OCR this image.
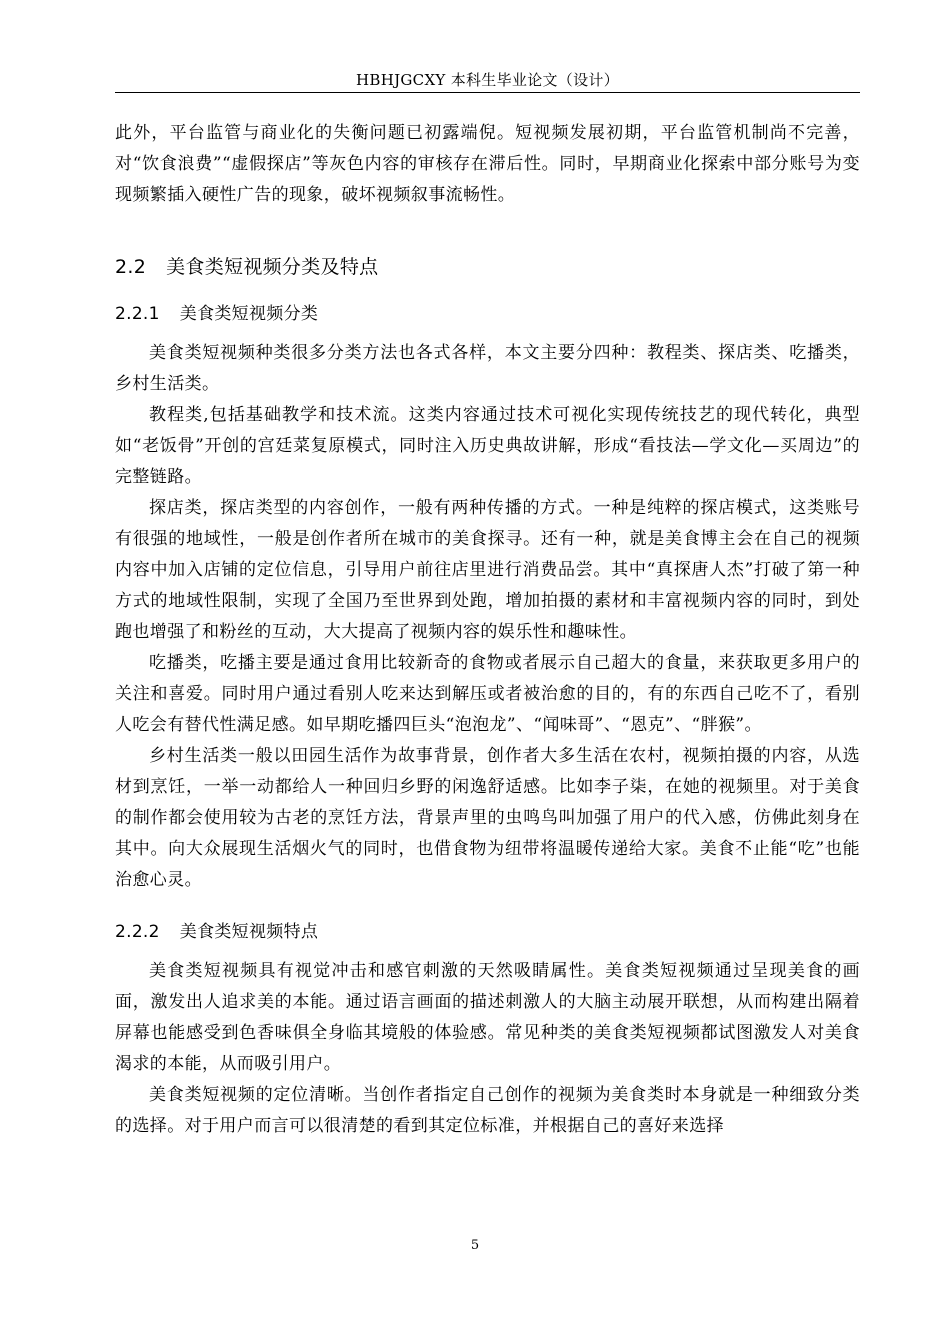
HBHJGCXY 本科生毕业论文（设计）

此外，平台监管与商业化的失衡问题已初露端倪。短视频发展初期，平台监管机制尚不完善，对“饮食浪费”“虚假探店”等灰色内容的审核存在滞后性。同时，早期商业化探索中部分账号为变现频繁插入硬性广告的现象，破坏视频叙事流畅性。

2.2 美食类短视频分类及特点
2.2.1 美食类短视频分类

美食类短视频种类很多分类方法也各式各样，本文主要分四种：教程类、探店类、吃播类，乡村生活类。

教程类,包括基础教学和技术流。这类内容通过技术可视化实现传统技艺的现代转化，典型如“老饭骨”开创的宫廷菜复原模式，同时注入历史典故讲解，形成“看技法—学文化—买周边”的完整链路。

探店类，探店类型的内容创作，一般有两种传播的方式。一种是纯粹的探店模式，这类账号有很强的地域性，一般是创作者所在城市的美食探寻。还有一种，就是美食博主会在自己的视频内容中加入店铺的定位信息，引导用户前往店里进行消费品尝。其中“真探唐人杰”打破了第一种方式的地域性限制，实现了全国乃至世界到处跑，增加拍摄的素材和丰富视频内容的同时，到处跑也增强了和粉丝的互动，大大提高了视频内容的娱乐性和趣味性。

吃播类，吃播主要是通过食用比较新奇的食物或者展示自己超大的食量，来获取更多用户的关注和喜爱。同时用户通过看别人吃来达到解压或者被治愈的目的，有的东西自己吃不了，看别人吃会有替代性满足感。如早期吃播四巨头“泡泡龙”、“闻味哥”、“恩克”、“胖猴”。

乡村生活类一般以田园生活作为故事背景，创作者大多生活在农村，视频拍摄的内容，从选材到烹饪，一举一动都给人一种回归乡野的闲逸舒适感。比如李子柒，在她的视频里。对于美食的制作都会使用较为古老的烹饪方法，背景声里的虫鸣鸟叫加强了用户的代入感，仿佛此刻身在其中。向大众展现生活烟火气的同时，也借食物为纽带将温暖传递给大家。美食不止能“吃”也能治愈心灵。

2.2.2 美食类短视频特点

美食类短视频具有视觉冲击和感官刺激的天然吸睛属性。美食类短视频通过呈现美食的画面，激发出人追求美的本能。通过语言画面的描述刺激人的大脑主动展开联想，从而构建出隔着屏幕也能感受到色香味俱全身临其境般的体验感。常见种类的美食类短视频都试图激发人对美食渴求的本能，从而吸引用户。

美食类短视频的定位清晰。当创作者指定自己创作的视频为美食类时本身就是一种细致分类的选择。对于用户而言可以很清楚的看到其定位标准，并根据自己的喜好来选择

5
